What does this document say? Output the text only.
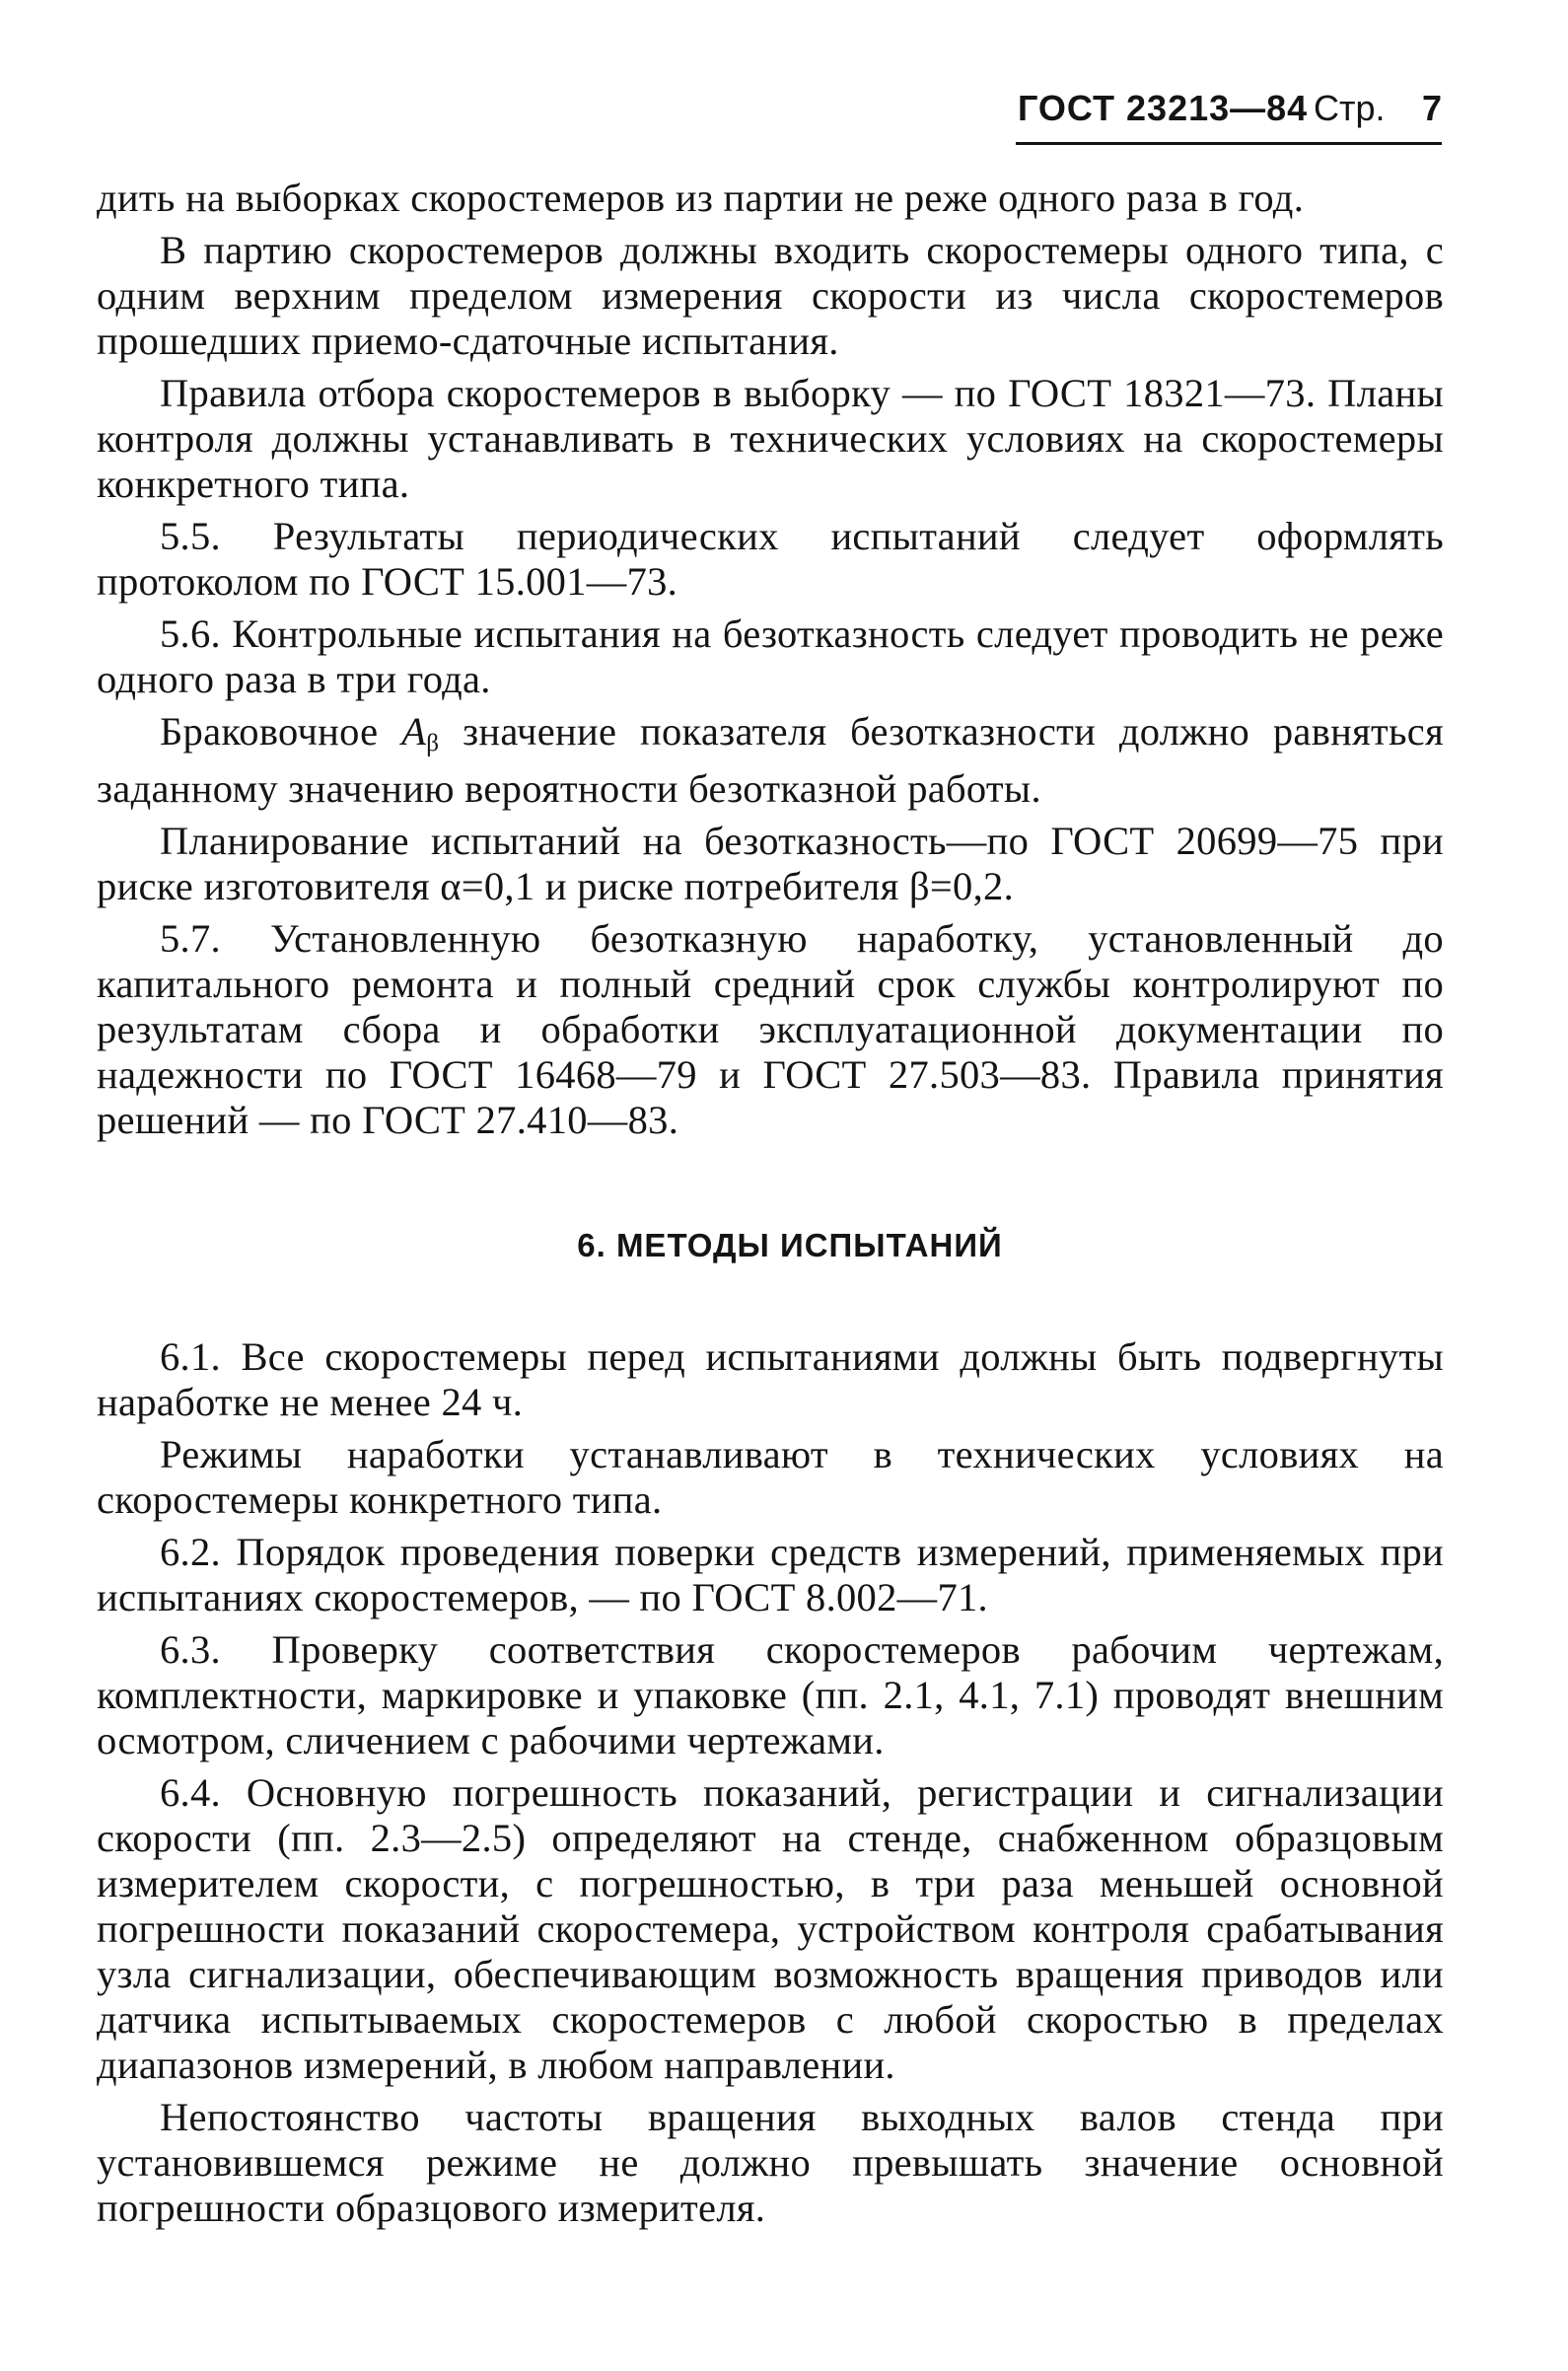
ГОСТ 23213—84 Стр. 7

дить на выборках скоростемеров из партии не реже одного раза в год.

В партию скоростемеров должны входить скоростемеры одного типа, с одним верхним пределом измерения скорости из числа скоростемеров прошедших приемо-сдаточные испытания.

Правила отбора скоростемеров в выборку — по ГОСТ 18321—73. Планы контроля должны устанавливать в технических условиях на скоростемеры конкретного типа.

5.5. Результаты периодических испытаний следует оформлять протоколом по ГОСТ 15.001—73.

5.6. Контрольные испытания на безотказность следует проводить не реже одного раза в три года.

Браковочное $A_\beta$ значение показателя безотказности должно равняться заданному значению вероятности безотказной работы.

Планирование испытаний на безотказность—по ГОСТ 20699—75 при риске изготовителя α=0,1 и риске потребителя β=0,2.

5.7. Установленную безотказную наработку, установленный до капитального ремонта и полный средний срок службы контролируют по результатам сбора и обработки эксплуатационной документации по надежности по ГОСТ 16468—79 и ГОСТ 27.503—83. Правила принятия решений — по ГОСТ 27.410—83.

6. МЕТОДЫ ИСПЫТАНИЙ

6.1. Все скоростемеры перед испытаниями должны быть подвергнуты наработке не менее 24 ч.

Режимы наработки устанавливают в технических условиях на скоростемеры конкретного типа.

6.2. Порядок проведения поверки средств измерений, применяемых при испытаниях скоростемеров, — по ГОСТ 8.002—71.

6.3. Проверку соответствия скоростемеров рабочим чертежам, комплектности, маркировке и упаковке (пп. 2.1, 4.1, 7.1) проводят внешним осмотром, сличением с рабочими чертежами.

6.4. Основную погрешность показаний, регистрации и сигнализации скорости (пп. 2.3—2.5) определяют на стенде, снабженном образцовым измерителем скорости, с погрешностью, в три раза меньшей основной погрешности показаний скоростемера, устройством контроля срабатывания узла сигнализации, обеспечивающим возможность вращения приводов или датчика испытываемых скоростемеров с любой скоростью в пределах диапазонов измерений, в любом направлении.

Непостоянство частоты вращения выходных валов стенда при установившемся режиме не должно превышать значение основной погрешности образцового измерителя.
